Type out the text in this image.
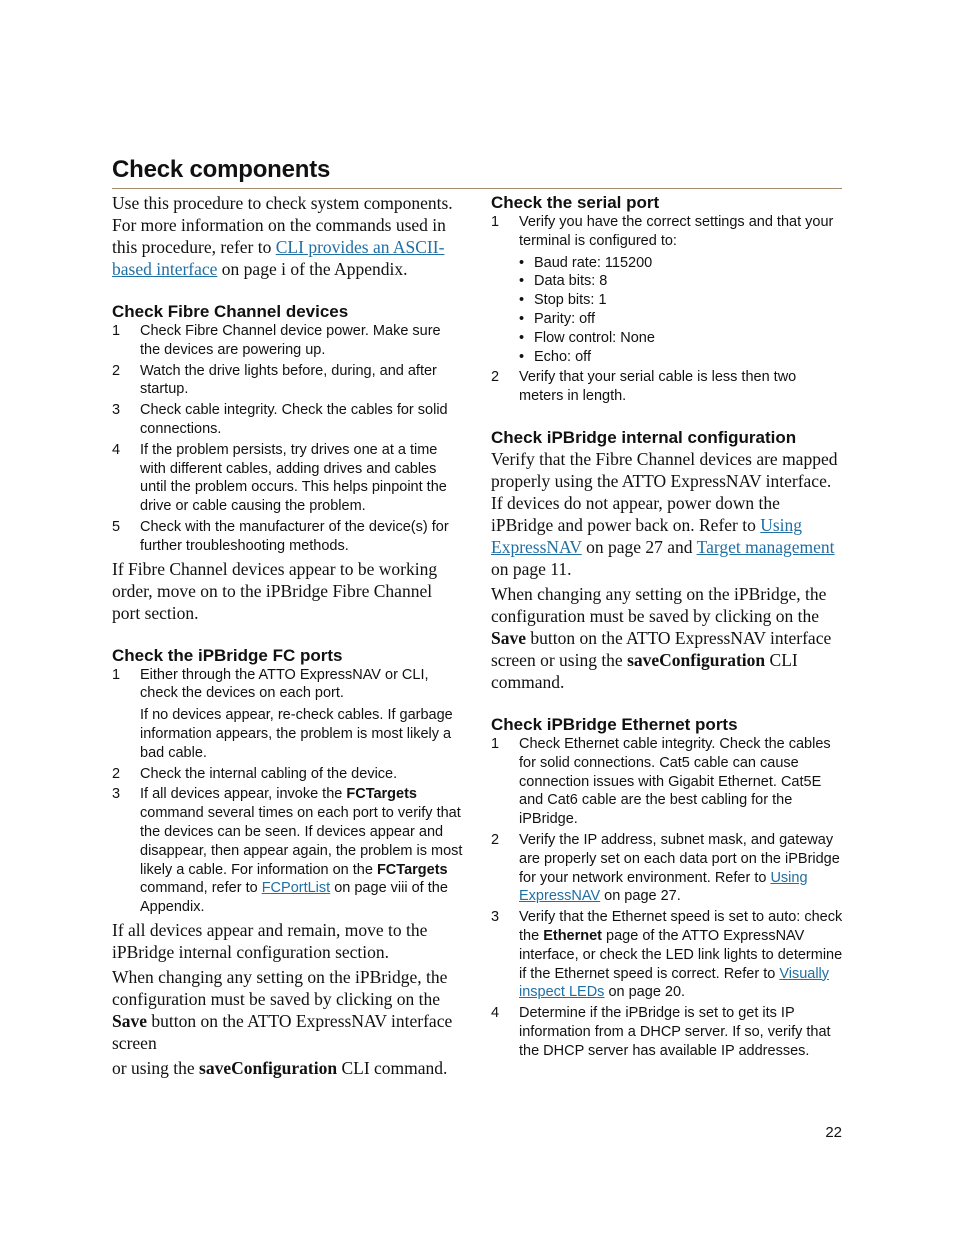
Check components

Use this procedure to check system components. For more information on the commands used in this procedure, refer to CLI provides an ASCII-based interface on page i of the Appendix.

Check Fibre Channel devices
1 Check Fibre Channel device power. Make sure the devices are powering up.
2 Watch the drive lights before, during, and after startup.
3 Check cable integrity. Check the cables for solid connections.
4 If the problem persists, try drives one at a time with different cables, adding drives and cables until the problem occurs. This helps pinpoint the drive or cable causing the problem.
5 Check with the manufacturer of the device(s) for further troubleshooting methods.

If Fibre Channel devices appear to be working order, move on to the iPBridge Fibre Channel port section.

Check the iPBridge FC ports
1 Either through the ATTO ExpressNAV or CLI, check the devices on each port.
If no devices appear, re-check cables. If garbage information appears, the problem is most likely a bad cable.
2 Check the internal cabling of the device.
3 If all devices appear, invoke the FCTargets command several times on each port to verify that the devices can be seen. If devices appear and disappear, then appear again, the problem is most likely a cable. For information on the FCTargets command, refer to FCPortList on page viii of the Appendix.

If all devices appear and remain, move to the iPBridge internal configuration section.

When changing any setting on the iPBridge, the configuration must be saved by clicking on the Save button on the ATTO ExpressNAV interface screen

or using the saveConfiguration CLI command.

Check the serial port
1 Verify you have the correct settings and that your terminal is configured to:
• Baud rate: 115200
• Data bits: 8
• Stop bits: 1
• Parity: off
• Flow control: None
• Echo: off
2 Verify that your serial cable is less then two meters in length.
Check iPBridge internal configuration

Verify that the Fibre Channel devices are mapped properly using the ATTO ExpressNAV interface. If devices do not appear, power down the iPBridge and power back on. Refer to Using ExpressNAV on page 27 and Target management on page 11.

When changing any setting on the iPBridge, the configuration must be saved by clicking on the Save button on the ATTO ExpressNAV interface screen or using the saveConfiguration CLI command.

Check iPBridge Ethernet ports
1 Check Ethernet cable integrity. Check the cables for solid connections. Cat5 cable can cause connection issues with Gigabit Ethernet. Cat5E and Cat6 cable are the best cabling for the iPBridge.
2 Verify the IP address, subnet mask, and gateway are properly set on each data port on the iPBridge for your network environment. Refer to Using ExpressNAV on page 27.
3 Verify that the Ethernet speed is set to auto: check the Ethernet page of the ATTO ExpressNAV interface, or check the LED link lights to determine if the Ethernet speed is correct. Refer to Visually inspect LEDs on page 20.
4 Determine if the iPBridge is set to get its IP information from a DHCP server. If so, verify that the DHCP server has available IP addresses.
22
